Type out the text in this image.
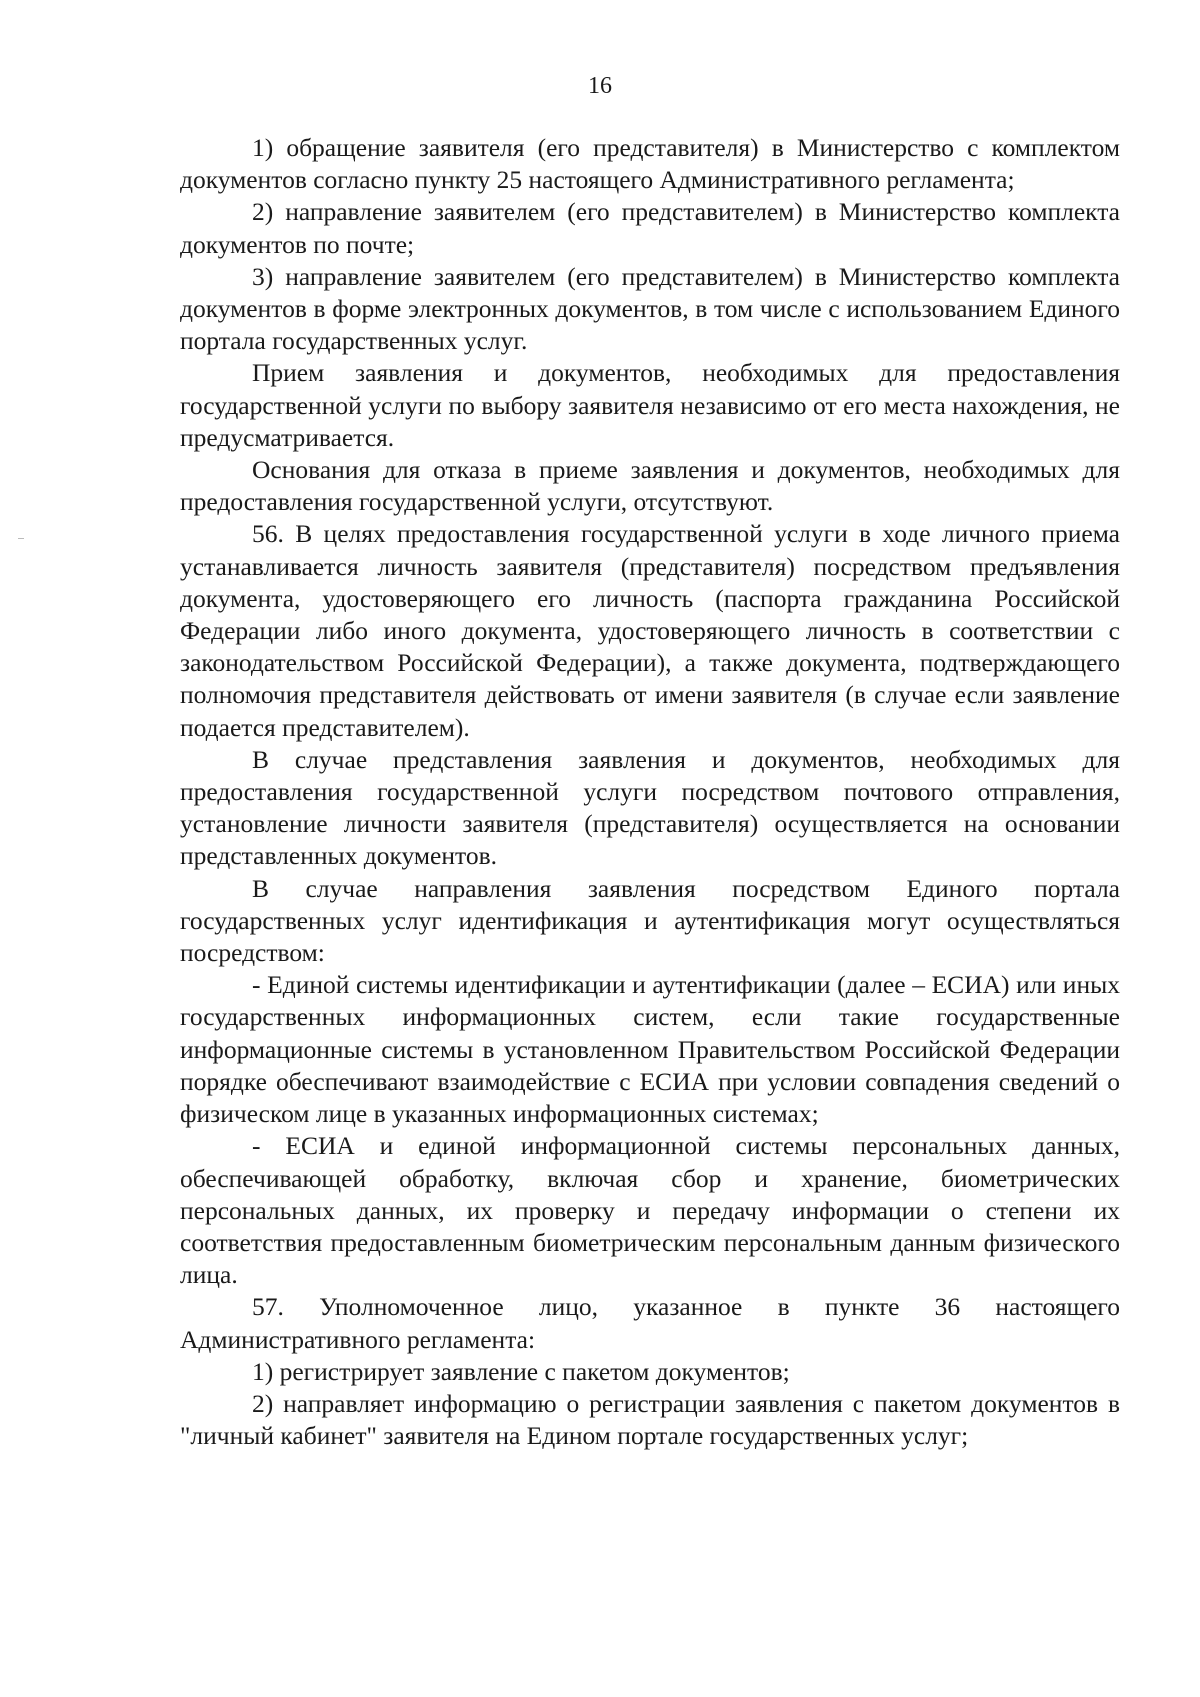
16

1) обращение заявителя (его представителя) в Министерство с комплектом документов согласно пункту 25 настоящего Административного регламента;

2) направление заявителем (его представителем) в Министерство комплекта документов по почте;

3) направление заявителем (его представителем) в Министерство комплекта документов в форме электронных документов, в том числе с использованием Единого портала государственных услуг.

Прием заявления и документов, необходимых для предоставления государственной услуги по выбору заявителя независимо от его места нахождения, не предусматривается.

Основания для отказа в приеме заявления и документов, необходимых для предоставления государственной услуги, отсутствуют.

56. В целях предоставления государственной услуги в ходе личного приема устанавливается личность заявителя (представителя) посредством предъявления документа, удостоверяющего его личность (паспорта гражданина Российской Федерации либо иного документа, удостоверяющего личность в соответствии с законодательством Российской Федерации), а также документа, подтверждающего полномочия представителя действовать от имени заявителя (в случае если заявление подается представителем).

В случае представления заявления и документов, необходимых для предоставления государственной услуги посредством почтового отправления, установление личности заявителя (представителя) осуществляется на основании представленных документов.

В случае направления заявления посредством Единого портала государственных услуг идентификация и аутентификация могут осуществляться посредством:

- Единой системы идентификации и аутентификации (далее – ЕСИА) или иных государственных информационных систем, если такие государственные информационные системы в установленном Правительством Российской Федерации порядке обеспечивают взаимодействие с ЕСИА при условии совпадения сведений о физическом лице в указанных информационных системах;

- ЕСИА и единой информационной системы персональных данных, обеспечивающей обработку, включая сбор и хранение, биометрических персональных данных, их проверку и передачу информации о степени их соответствия предоставленным биометрическим персональным данным физического лица.

57. Уполномоченное лицо, указанное в пункте 36 настоящего Административного регламента:

1) регистрирует заявление с пакетом документов;

2) направляет информацию о регистрации заявления с пакетом документов в "личный кабинет" заявителя на Едином портале государственных услуг;
